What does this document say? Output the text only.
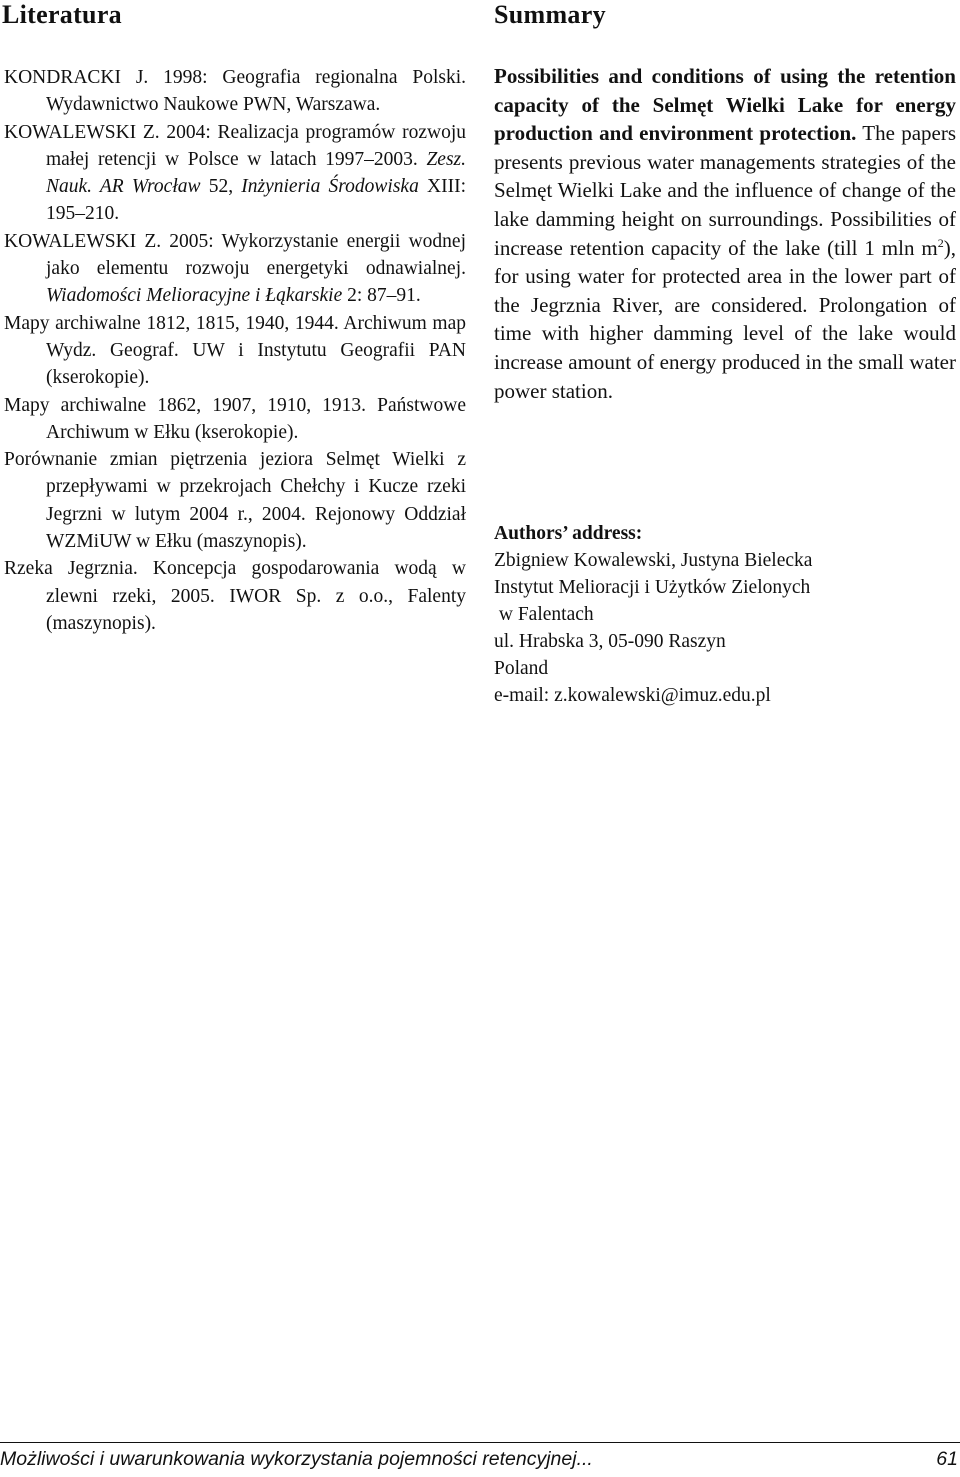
Literatura	Summary

KONDRACKI J. 1998: Geografia regionalna Polski. Wydawnictwo Naukowe PWN, Warszawa.

KOWALEWSKI Z. 2004: Realizacja programów rozwoju małej retencji w Polsce w latach 1997–2003. Zesz. Nauk. AR Wrocław 52, Inżynieria Środowiska XIII: 195–210.

KOWALEWSKI Z. 2005: Wykorzystanie energii wodnej jako elementu rozwoju energetyki odnawialnej. Wiadomości Melioracyjne i Łąkarskie 2: 87–91.

Mapy archiwalne 1812, 1815, 1940, 1944. Archiwum map Wydz. Geograf. UW i Instytutu Geografii PAN (kserokopie).

Mapy archiwalne 1862, 1907, 1910, 1913. Państwowe Archiwum w Ełku (kserokopie).

Porównanie zmian piętrzenia jeziora Selmęt Wielki z przepływami w przekrojach Chełchy i Kucze rzeki Jegrzni w lutym 2004 r., 2004. Rejonowy Oddział WZMiUW w Ełku (maszynopis).

Rzeka Jegrznia. Koncepcja gospodarowania wodą w zlewni rzeki, 2005. IWOR Sp. z o.o., Falenty (maszynopis).

Possibilities and conditions of using the retention capacity of the Selmęt Wielki Lake for energy production and environment protection. The papers presents previous water managements strategies of the Selmęt Wielki Lake and the influence of change of the lake damming height on surroundings. Possibilities of increase retention capacity of the lake (till 1 mln $m^2$), for using water for protected area in the lower part of the Jegrznia River, are considered. Prolongation of time with higher damming level of the lake would increase amount of energy produced in the small water power station.

Authors’ address:
Zbigniew Kowalewski, Justyna Bielecka
Instytut Melioracji i Użytków Zielonych
w Falentach
ul. Hrabska 3, 05-090 Raszyn
Poland
e-mail: z.kowalewski@imuz.edu.pl
Możliwości i uwarunkowania wykorzystania pojemności retencyjnej...	61
